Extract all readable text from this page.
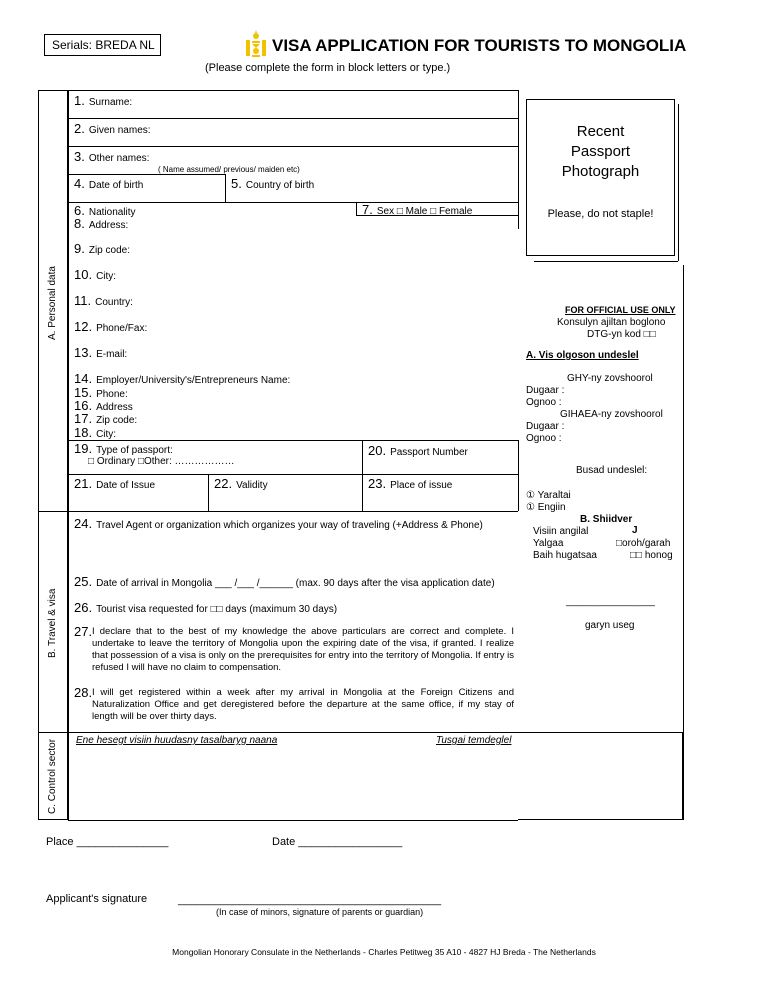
Serials: BREDA NL	VISA APPLICATION FOR TOURISTS TO MONGOLIA
(Please complete the form in block letters or type.)
A. Personal data
B. Travel & visa
C. Control sector
1. Surname:
2. Given names:
3. Other names:
( Name assumed/ previous/ maiden etc)
4. Date of birth	5. Country of birth
6. Nationality	7. Sex □ Male □ Female
8. Address:
9. Zip code:
10. City:
11. Country:
12. Phone/Fax:
13. E-mail:
14. Employer/University's/Entrepreneurs Name:
15. Phone:
16. Address
17. Zip code:
18. City:
19. Type of passport:
□ Ordinary □Other: ………………
20. Passport Number
21. Date of Issue	22. Validity	23. Place of issue
24. Travel Agent or organization which organizes your way of traveling (+Address & Phone)
25. Date of arrival in Mongolia ___ /___ /______ (max. 90 days after the visa application date)
26. Tourist visa requested for □□ days (maximum 30 days)
27. I declare that to the best of my knowledge the above particulars are correct and complete. I undertake to leave the territory of Mongolia upon the expiring date of the visa, if granted. I realize that possession of a visa is only on the prerequisites for entry into the territory of Mongolia. If entry is refused I will have no claim to compensation.
28. I will get registered within a week after my arrival in Mongolia at the Foreign Citizens and Naturalization Office and get deregistered before the departure at the same office, if my stay of length will be over thirty days.
Ene hesegt visiin huudasny tasalbaryg naana	Tusgai temdeglel
Recent
Passport
Photograph
Please, do not staple!
FOR OFFICIAL USE ONLY
Konsulyn ajiltan boglono
DTG-yn kod □□
A. Vis olgoson undeslel
GHY-ny zovshoorol
Dugaar :
Ognoo :
GIHAEA-ny zovshoorol
Dugaar :
Ognoo :
Busad undeslel:
① Yaraltai
① Engiin
B. Shiidver
Visiin angilal	J
Yalgaa	□oroh/garah
Baih hugatsaa	□□ honog
________________
garyn useg
Place _______________	Date _________________
Applicant's signature	___________________________________________
(In case of minors, signature of parents or guardian)
Mongolian Honorary Consulate in the Netherlands - Charles Petitweg 35 A10 - 4827 HJ Breda - The Netherlands
